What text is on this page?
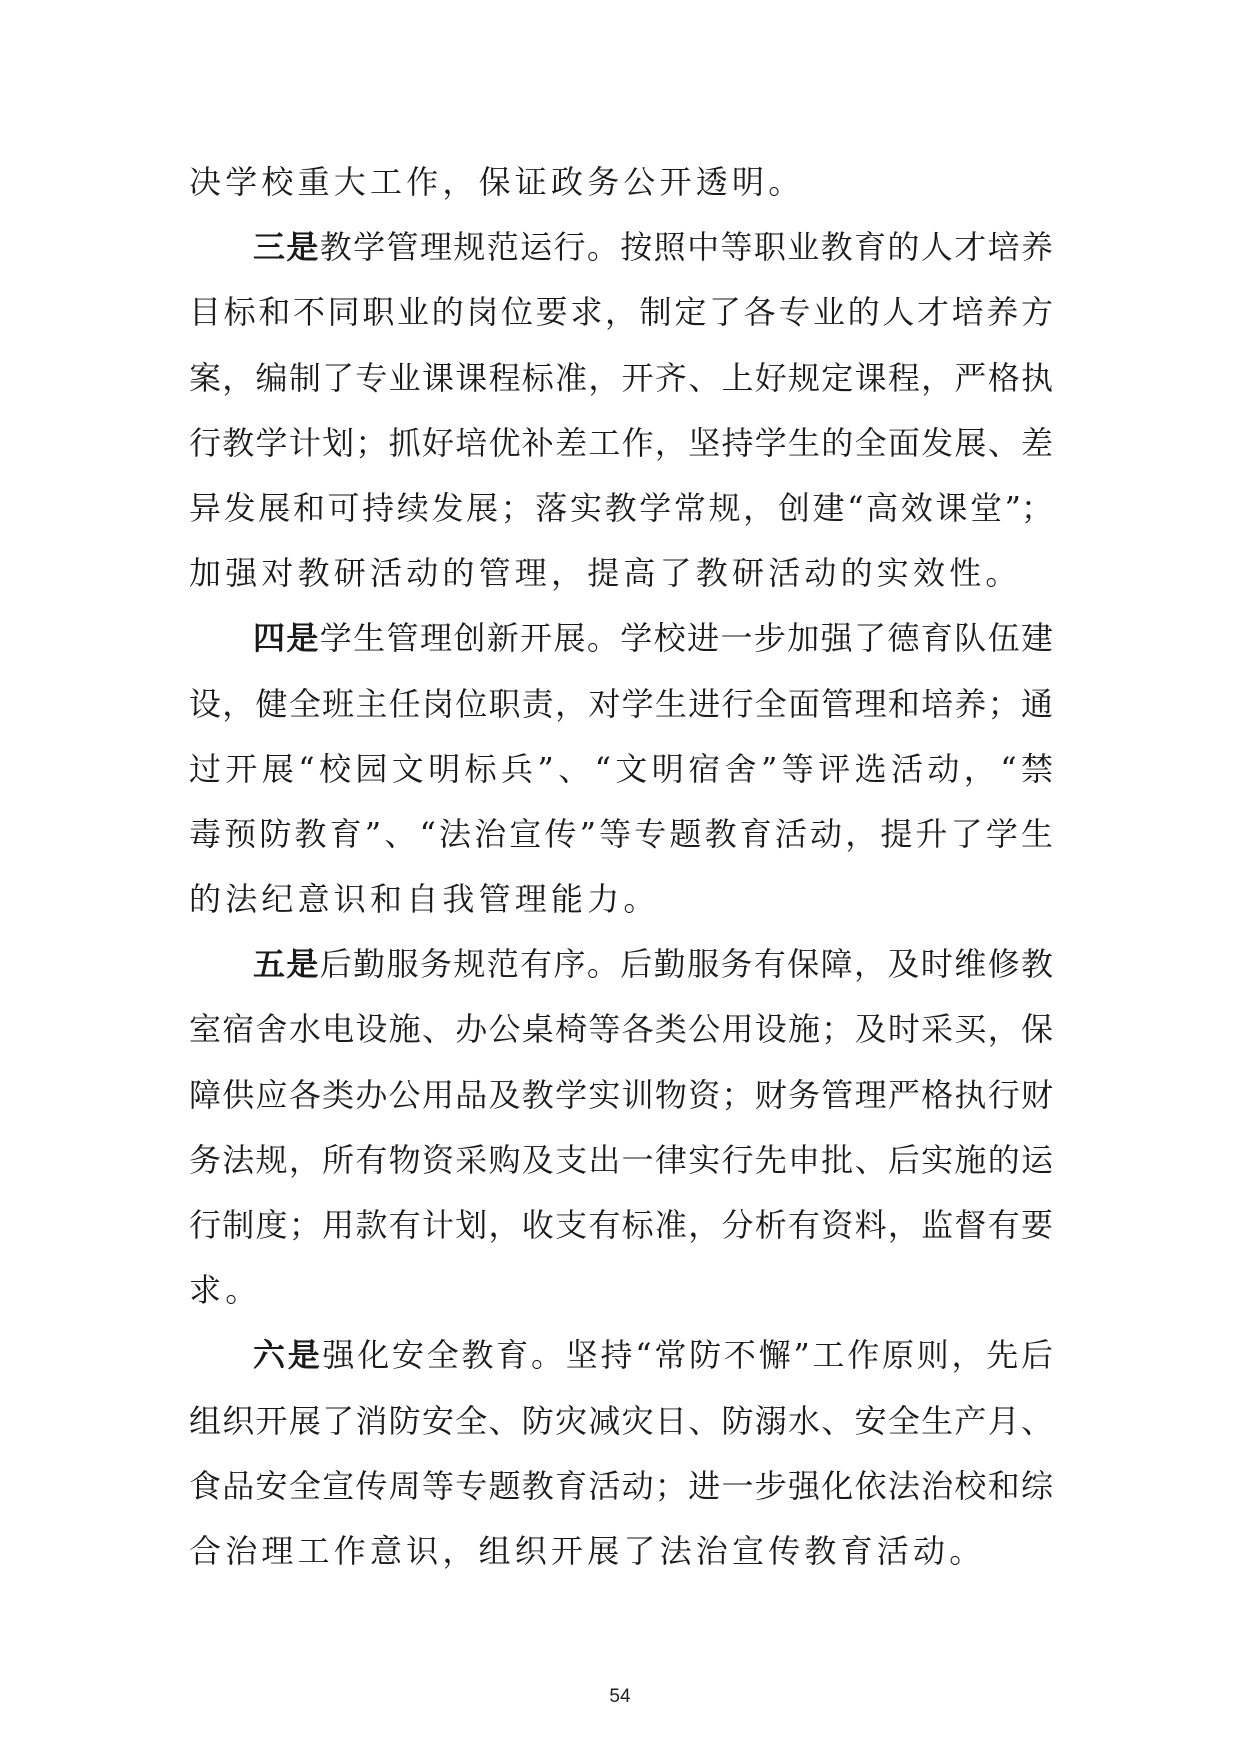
决学校重大工作，保证政务公开透明。
三是教学管理规范运行。按照中等职业教育的人才培养
目标和不同职业的岗位要求，制定了各专业的人才培养方
案，编制了专业课课程标准，开齐、上好规定课程，严格执
行教学计划；抓好培优补差工作，坚持学生的全面发展、差
异发展和可持续发展；落实教学常规，创建“高效课堂”；
加强对教研活动的管理，提高了教研活动的实效性。
四是学生管理创新开展。学校进一步加强了德育队伍建
设，健全班主任岗位职责，对学生进行全面管理和培养；通
过开展“校园文明标兵”、“文明宿舍”等评选活动，“禁
毒预防教育”、“法治宣传”等专题教育活动，提升了学生
的法纪意识和自我管理能力。
五是后勤服务规范有序。后勤服务有保障，及时维修教
室宿舍水电设施、办公桌椅等各类公用设施；及时采买，保
障供应各类办公用品及教学实训物资；财务管理严格执行财
务法规，所有物资采购及支出一律实行先申批、后实施的运
行制度；用款有计划，收支有标准，分析有资料，监督有要
求。
六是强化安全教育。坚持“常防不懈”工作原则，先后
组织开展了消防安全、防灾减灾日、防溺水、安全生产月、
食品安全宣传周等专题教育活动；进一步强化依法治校和综
合治理工作意识，组织开展了法治宣传教育活动。
54
